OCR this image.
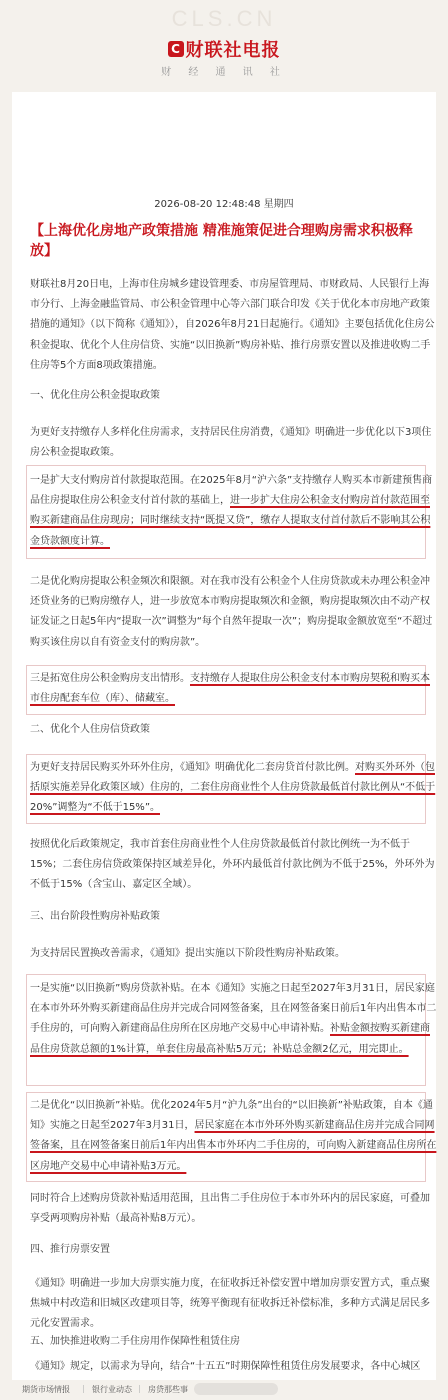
CLS.CN
C 财联社电报
财 经 通 讯 社
2026-08-20 12:48:48 星期四
【上海优化房地产政策措施 精准施策促进合理购房需求积极释放】

财联社8月20日电，上海市住房城乡建设管理委、市房屋管理局、市财政局、人民银行上海市分行、上海金融监管局、市公积金管理中心等六部门联合印发《关于优化本市房地产政策措施的通知》（以下简称《通知》），自2026年8月21日起施行。《通知》主要包括优化住房公积金提取、优化个人住房信贷、实施“以旧换新”购房补贴、推行房票安置以及推进收购二手住房等5个方面8项政策措施。

一、优化住房公积金提取政策

为更好支持缴存人多样化住房需求，支持居民住房消费，《通知》明确进一步优化以下3项住房公积金提取政策。

一是扩大支付购房首付款提取范围。在2025年8月“沪六条”支持缴存人购买本市新建预售商品住房提取住房公积金支付首付款的基础上，进一步扩大住房公积金支付购房首付款范围至购买新建商品住房现房；同时继续支持“既提又贷”，缴存人提取支付首付款后不影响其公积金贷款额度计算。

二是优化购房提取公积金频次和限额。对在我市没有公积金个人住房贷款或未办理公积金冲还贷业务的已购房缴存人，进一步放宽本市购房提取频次和金额，购房提取频次由不动产权证发证之日起5年内“提取一次”调整为“每个自然年提取一次”；购房提取金额放宽至“不超过购买该住房以自有资金支付的购房款”。

三是拓宽住房公积金购房支出情形。支持缴存人提取住房公积金支付本市购房契税和购买本市住房配套车位（库）、储藏室。

二、优化个人住房信贷政策

为更好支持居民购买外环外住房，《通知》明确优化二套房贷首付款比例。对购买外环外（包括原实施差异化政策区域）住房的，二套住房商业性个人住房贷款最低首付款比例从“不低于20%”调整为“不低于15%”。

按照优化后政策规定，我市首套住房商业性个人住房贷款最低首付款比例统一为不低于15%；二套住房信贷政策保持区域差异化，外环内最低首付款比例为不低于25%，外环外为不低于15%（含宝山、嘉定区全域）。

三、出台阶段性购房补贴政策

为支持居民置换改善需求，《通知》提出实施以下阶段性购房补贴政策。

一是实施“以旧换新”购房贷款补贴。在本《通知》实施之日起至2027年3月31日，居民家庭在本市外环外购买新建商品住房并完成合同网签备案，且在网签备案日前后1年内出售本市二手住房的，可向购入新建商品住房所在区房地产交易中心申请补贴。补贴金额按购买新建商品住房贷款总额的1%计算，单套住房最高补贴5万元；补贴总金额2亿元，用完即止。

二是优化“以旧换新”补贴。优化2024年5月“沪九条”出台的“以旧换新”补贴政策，自本《通知》实施之日起至2027年3月31日，居民家庭在本市外环外购买新建商品住房并完成合同网签备案，且在网签备案日前后1年内出售本市外环内二手住房的，可向购入新建商品住房所在区房地产交易中心申请补贴3万元。

同时符合上述购房贷款补贴适用范围，且出售二手住房位于本市外环内的居民家庭，可叠加享受两项购房补贴（最高补贴8万元）。

四、推行房票安置

《通知》明确进一步加大房票实施力度，在征收拆迁补偿安置中增加房票安置方式，重点聚焦城中村改造和旧城区改建项目等，统筹平衡现有征收拆迁补偿标准，多种方式满足居民多元化安置需求。

五、加快推进收购二手住房用作保障性租赁住房

《通知》规定，以需求为导向，结合“十五五”时期保障性租赁住房发展要求，各中心城区

期货市场情报 | 银行业动态 | 房贷那些事
